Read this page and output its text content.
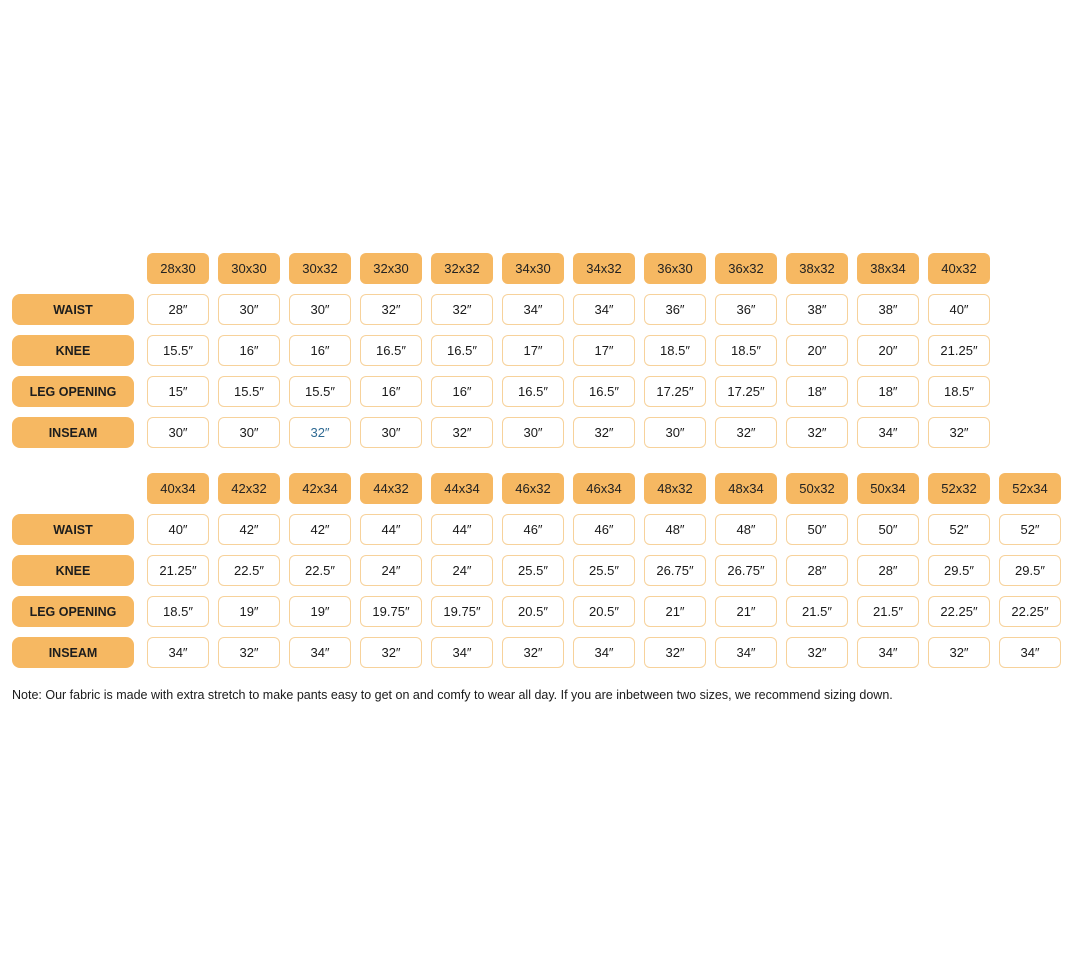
28x30	30x30	30x32	32x30	32x32	34x30	34x32	36x30	36x32	38x32	38x34	40x32
WAIST	28″	30″	30″	32″	32″	34″	34″	36″	36″	38″	38″	40″
KNEE	15.5″	16″	16″	16.5″	16.5″	17″	17″	18.5″	18.5″	20″	20″	21.25″
LEG OPENING	15″	15.5″	15.5″	16″	16″	16.5″	16.5″	17.25″	17.25″	18″	18″	18.5″
INSEAM	30″	30″	32″	30″	32″	30″	32″	30″	32″	32″	34″	32″
40x34	42x32	42x34	44x32	44x34	46x32	46x34	48x32	48x34	50x32	50x34	52x32	52x34
WAIST	40″	42″	42″	44″	44″	46″	46″	48″	48″	50″	50″	52″	52″
KNEE	21.25″	22.5″	22.5″	24″	24″	25.5″	25.5″	26.75″	26.75″	28″	28″	29.5″	29.5″
LEG OPENING	18.5″	19″	19″	19.75″	19.75″	20.5″	20.5″	21″	21″	21.5″	21.5″	22.25″	22.25″
INSEAM	34″	32″	34″	32″	34″	32″	34″	32″	34″	32″	34″	32″	34″
Note: Our fabric is made with extra stretch to make pants easy to get on and comfy to wear all day. If you are inbetween two sizes, we recommend sizing down.
